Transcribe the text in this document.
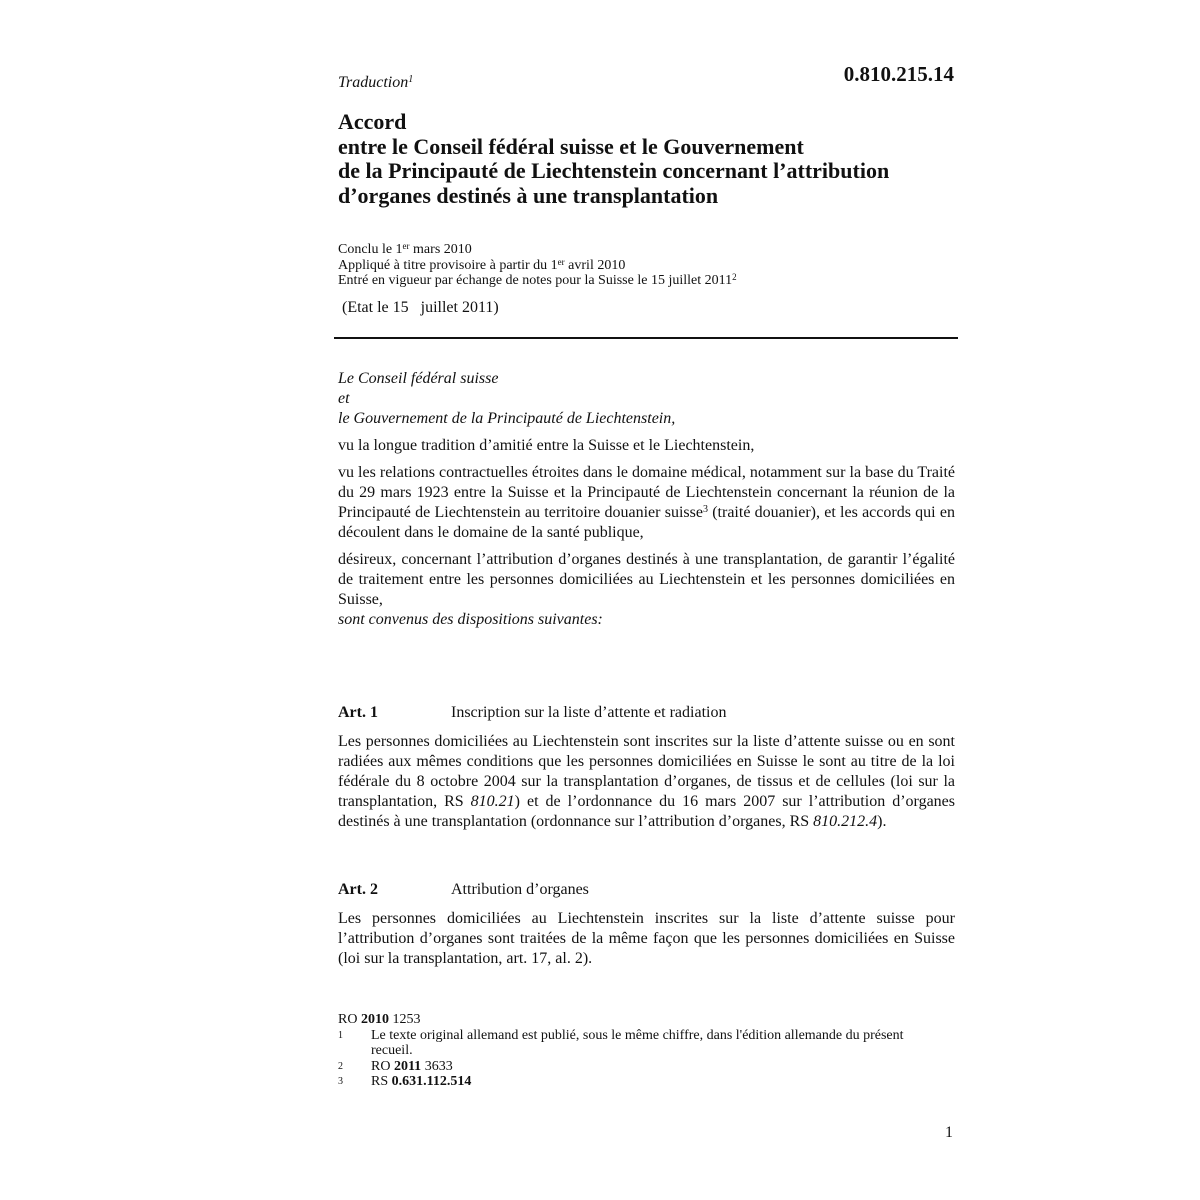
Traduction$^1$	0.810.215.14
Accord
entre le Conseil fédéral suisse et le Gouvernement
de la Principauté de Liechtenstein concernant l’attribution
d’organes destinés à une transplantation
Conclu le 1er mars 2010
Appliqué à titre provisoire à partir du 1er avril 2010
Entré en vigueur par échange de notes pour la Suisse le 15 juillet 2011$^2$
(Etat le 15   juillet 2011)
Le Conseil fédéral suisse
et
le Gouvernement de la Principauté de Liechtenstein,
vu la longue tradition d’amitié entre la Suisse et le Liechtenstein,
vu les relations contractuelles étroites dans le domaine médical, notamment sur la base du Traité du 29 mars 1923 entre la Suisse et la Principauté de Liechtenstein concernant la réunion de la Principauté de Liechtenstein au territoire douanier suisse$^3$ (traité douanier), et les accords qui en découlent dans le domaine de la santé publique,
désireux, concernant l’attribution d’organes destinés à une transplantation, de garantir l’égalité de traitement entre les personnes domiciliées au Liechtenstein et les personnes domiciliées en Suisse,
sont convenus des dispositions suivantes:
Art. 1	Inscription sur la liste d’attente et radiation
Les personnes domiciliées au Liechtenstein sont inscrites sur la liste d’attente suisse ou en sont radiées aux mêmes conditions que les personnes domiciliées en Suisse le sont au titre de la loi fédérale du 8 octobre 2004 sur la transplantation d’organes, de tissus et de cellules (loi sur la transplantation, RS 810.21) et de l’ordonnance du 16 mars 2007 sur l’attribution d’organes destinés à une transplantation (ordonnance sur l’attribution d’organes, RS 810.212.4).
Art. 2	Attribution d’organes
Les personnes domiciliées au Liechtenstein inscrites sur la liste d’attente suisse pour l’attribution d’organes sont traitées de la même façon que les personnes domiciliées en Suisse (loi sur la transplantation, art. 17, al. 2).
RO 2010 1253
1	Le texte original allemand est publié, sous le même chiffre, dans l'édition allemande du présent recueil.
2	RO 2011 3633
3	RS 0.631.112.514
1
